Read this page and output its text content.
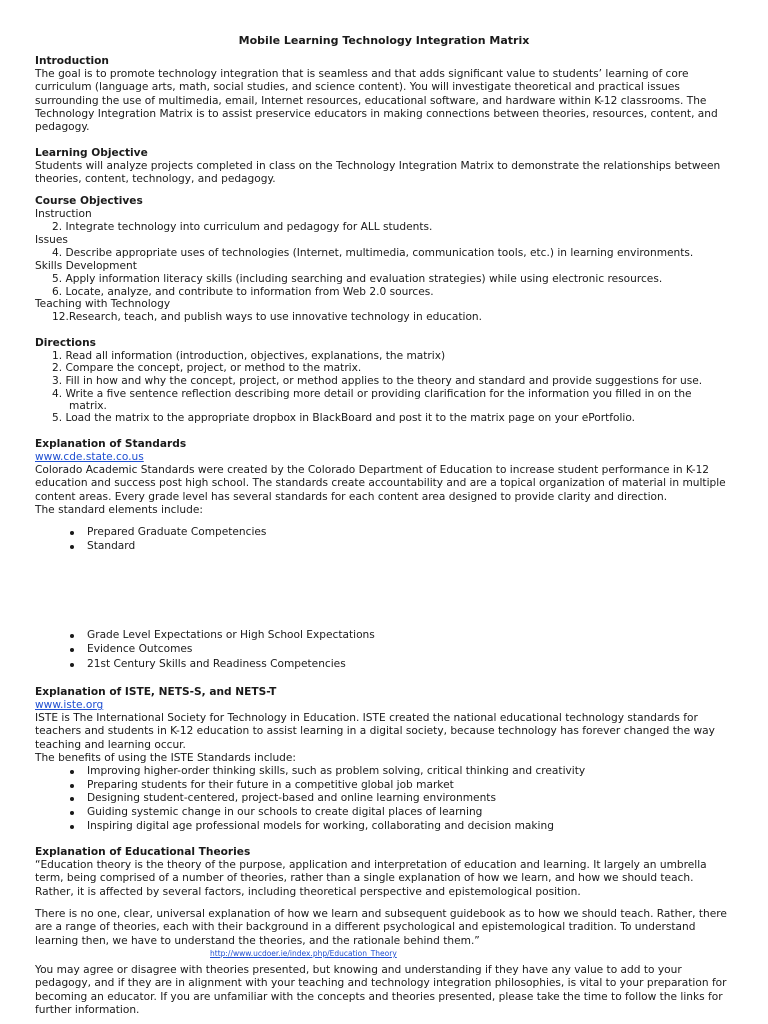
Mobile Learning Technology Integration Matrix
Introduction
The goal is to promote technology integration that is seamless and that adds significant value to students’ learning of core curriculum (language arts, math, social studies, and science content). You will investigate theoretical and practical issues surrounding the use of multimedia, email, Internet resources, educational software, and hardware within K-12 classrooms. The Technology Integration Matrix is to assist preservice educators in making connections between theories, resources, content, and pedagogy.
Learning Objective
Students will analyze projects completed in class on the Technology Integration Matrix to demonstrate the relationships between theories, content, technology, and pedagogy.
Course Objectives
Instruction
2. Integrate technology into curriculum and pedagogy for ALL students.
Issues
4. Describe appropriate uses of technologies (Internet, multimedia, communication tools, etc.) in learning environments.
Skills Development
5. Apply information literacy skills (including searching and evaluation strategies) while using electronic resources.
6. Locate, analyze, and contribute to information from Web 2.0 sources.
Teaching with Technology
12.Research, teach, and publish ways to use innovative technology in education.
Directions
1. Read all information (introduction, objectives, explanations, the matrix)
2. Compare the concept, project, or method to the matrix.
3. Fill in how and why the concept, project, or method applies to the theory and standard and provide suggestions for use.
4. Write a five sentence reflection describing more detail or providing clarification for the information you filled in on the
matrix.
5. Load the matrix to the appropriate dropbox in BlackBoard and post it to the matrix page on your ePortfolio.
Explanation of Standards
www.cde.state.co.us
Colorado Academic Standards were created by the Colorado Department of Education to increase student performance in K-12 education and success post high school. The standards create accountability and are a topical organization of material in multiple content areas. Every grade level has several standards for each content area designed to provide clarity and direction.
The standard elements include:
Prepared Graduate Competencies
Standard
Grade Level Expectations or High School Expectations
Evidence Outcomes
21st Century Skills and Readiness Competencies
Explanation of ISTE, NETS-S, and NETS-T
www.iste.org
ISTE is The International Society for Technology in Education. ISTE created the national educational technology standards for teachers and students in K-12 education to assist learning in a digital society, because technology has forever changed the way teaching and learning occur.
The benefits of using the ISTE Standards include:
Improving higher-order thinking skills, such as problem solving, critical thinking and creativity
Preparing students for their future in a competitive global job market
Designing student-centered, project-based and online learning environments
Guiding systemic change in our schools to create digital places of learning
Inspiring digital age professional models for working, collaborating and decision making
Explanation of Educational Theories
“Education theory is the theory of the purpose, application and interpretation of education and learning. It largely an umbrella term, being comprised of a number of theories, rather than a single explanation of how we learn, and how we should teach. Rather, it is affected by several factors, including theoretical perspective and epistemological position.
There is no one, clear, universal explanation of how we learn and subsequent guidebook as to how we should teach. Rather, there are a range of theories, each with their background in a different psychological and epistemological tradition. To understand learning then, we have to understand the theories, and the rationale behind them.”
http://www.ucdoer.ie/index.php/Education_Theory
You may agree or disagree with theories presented, but knowing and understanding if they have any value to add to your pedagogy, and if they are in alignment with your teaching and technology integration philosophies, is vital to your preparation for becoming an educator. If you are unfamiliar with the concepts and theories presented, please take the time to follow the links for further information.
